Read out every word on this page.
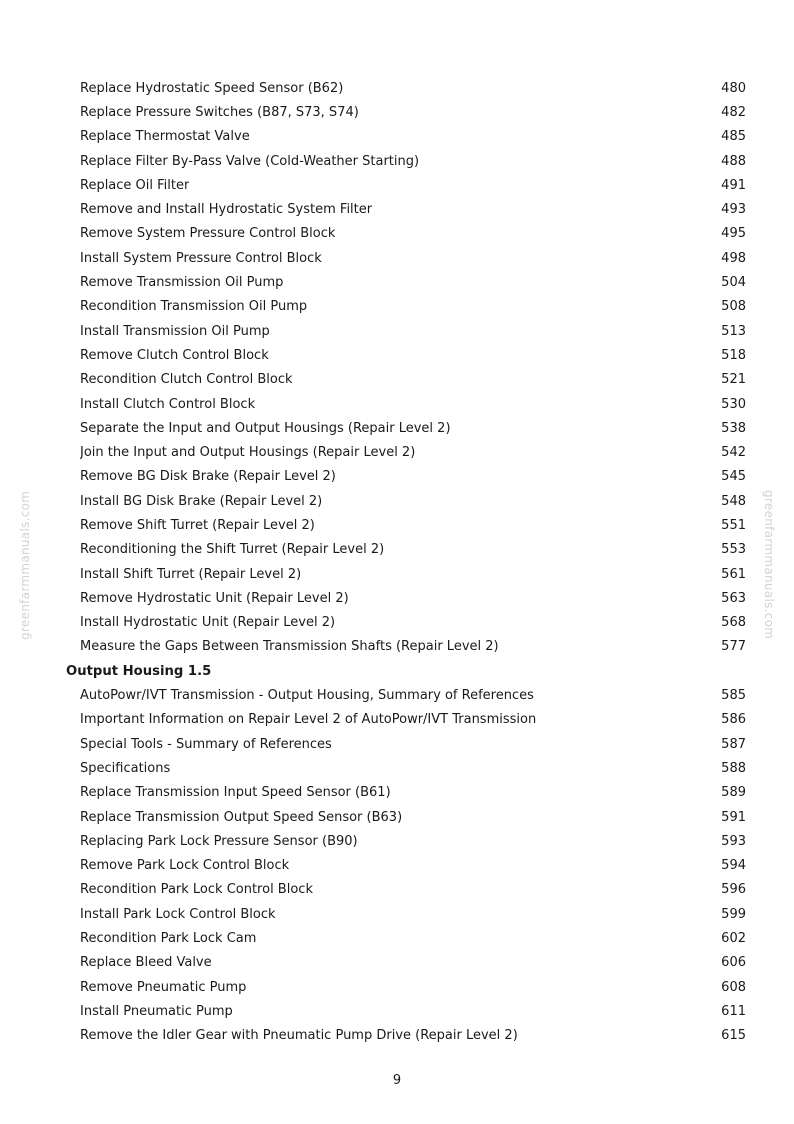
Replace Hydrostatic Speed Sensor (B62)	480
Replace Pressure Switches (B87, S73, S74)	482
Replace Thermostat Valve	485
Replace Filter By-Pass Valve (Cold-Weather Starting)	488
Replace Oil Filter	491
Remove and Install Hydrostatic System Filter	493
Remove System Pressure Control Block	495
Install System Pressure Control Block	498
Remove Transmission Oil Pump	504
Recondition Transmission Oil Pump	508
Install Transmission Oil Pump	513
Remove Clutch Control Block	518
Recondition Clutch Control Block	521
Install Clutch Control Block	530
Separate the Input and Output Housings (Repair Level 2)	538
Join the Input and Output Housings (Repair Level 2)	542
Remove BG Disk Brake (Repair Level 2)	545
Install BG Disk Brake (Repair Level 2)	548
Remove Shift Turret (Repair Level 2)	551
Reconditioning the Shift Turret (Repair Level 2)	553
Install Shift Turret (Repair Level 2)	561
Remove Hydrostatic Unit (Repair Level 2)	563
Install Hydrostatic Unit (Repair Level 2)	568
Measure the Gaps Between Transmission Shafts (Repair Level 2)	577
Output Housing 1.5
AutoPowr/IVT Transmission - Output Housing, Summary of References	585
Important Information on Repair Level 2 of AutoPowr/IVT Transmission	586
Special Tools - Summary of References	587
Specifications	588
Replace Transmission Input Speed Sensor (B61)	589
Replace Transmission Output Speed Sensor (B63)	591
Replacing Park Lock Pressure Sensor (B90)	593
Remove Park Lock Control Block	594
Recondition Park Lock Control Block	596
Install Park Lock Control Block	599
Recondition Park Lock Cam	602
Replace Bleed Valve	606
Remove Pneumatic Pump	608
Install Pneumatic Pump	611
Remove the Idler Gear with Pneumatic Pump Drive (Repair Level 2)	615
greenfarmmanuals.com	greenfarmmanuals.com
9
